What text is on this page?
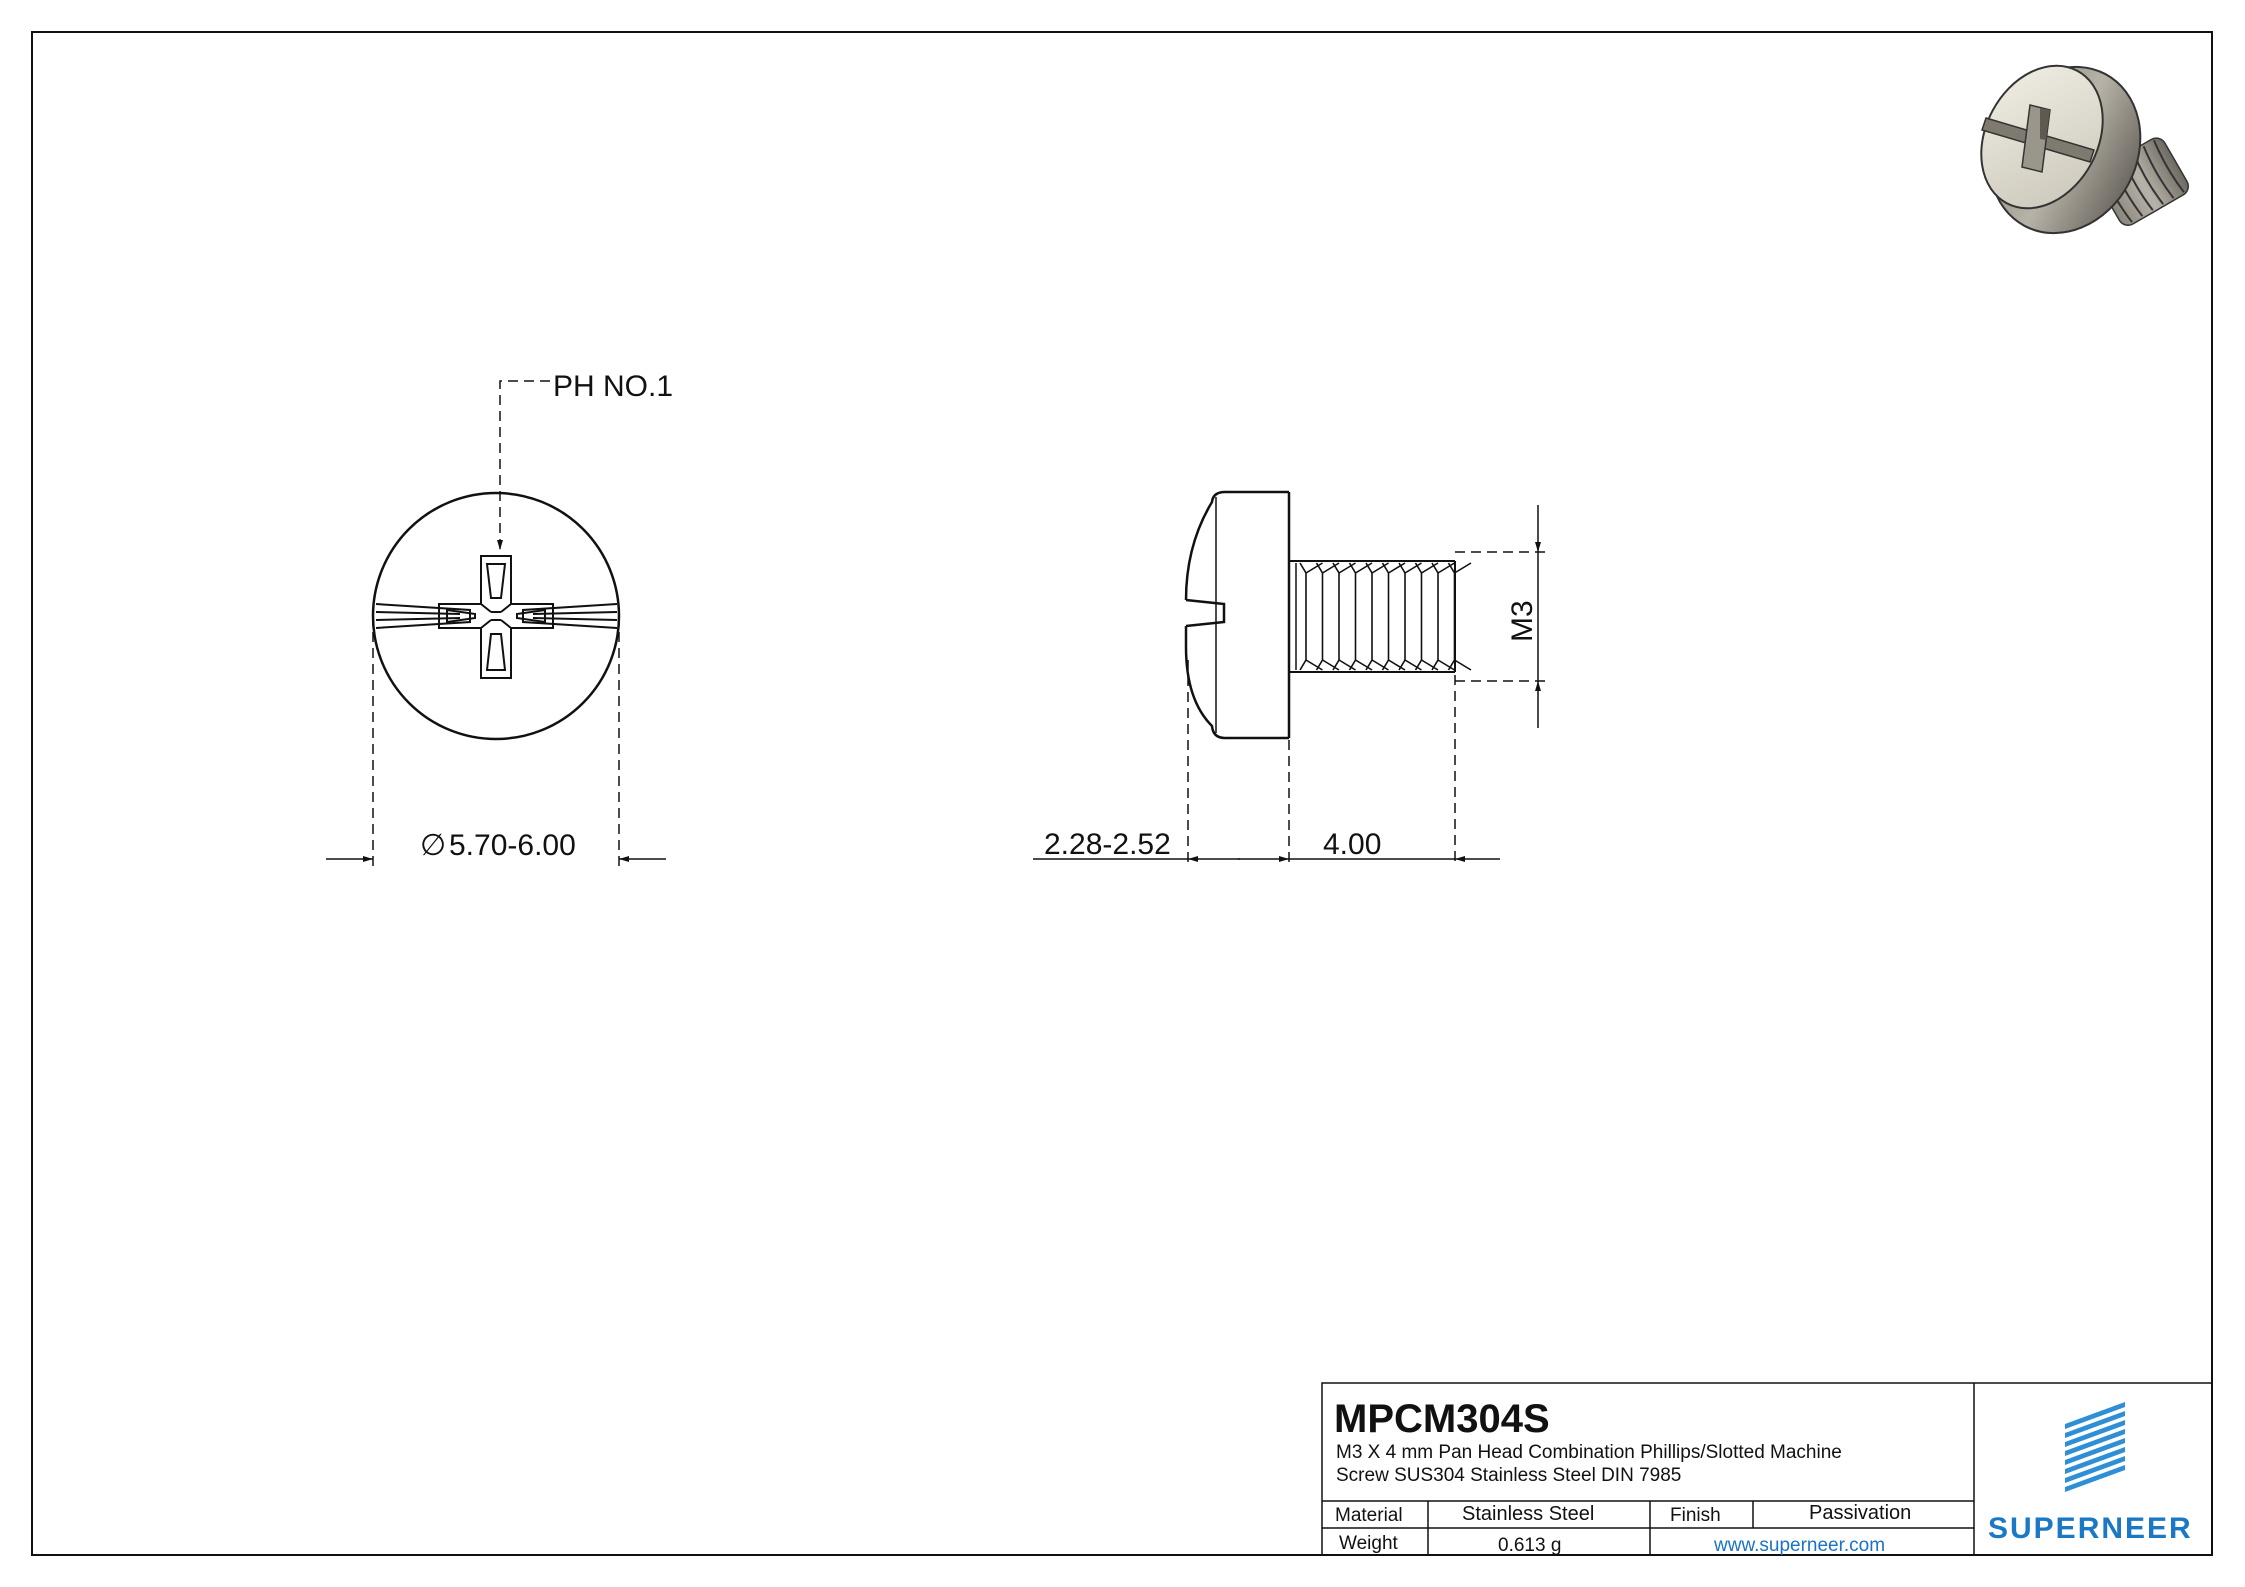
PH NO.1
∅ 5.70-6.00
M3
2.28-2.52	4.00
MPCM304S
M3 X 4 mm Pan Head Combination Phillips/Slotted Machine
Screw SUS304 Stainless Steel DIN 7985
Material	Stainless Steel	Finish	Passivation
Weight	0.613 g	www.superneer.com
SUPERNEER
